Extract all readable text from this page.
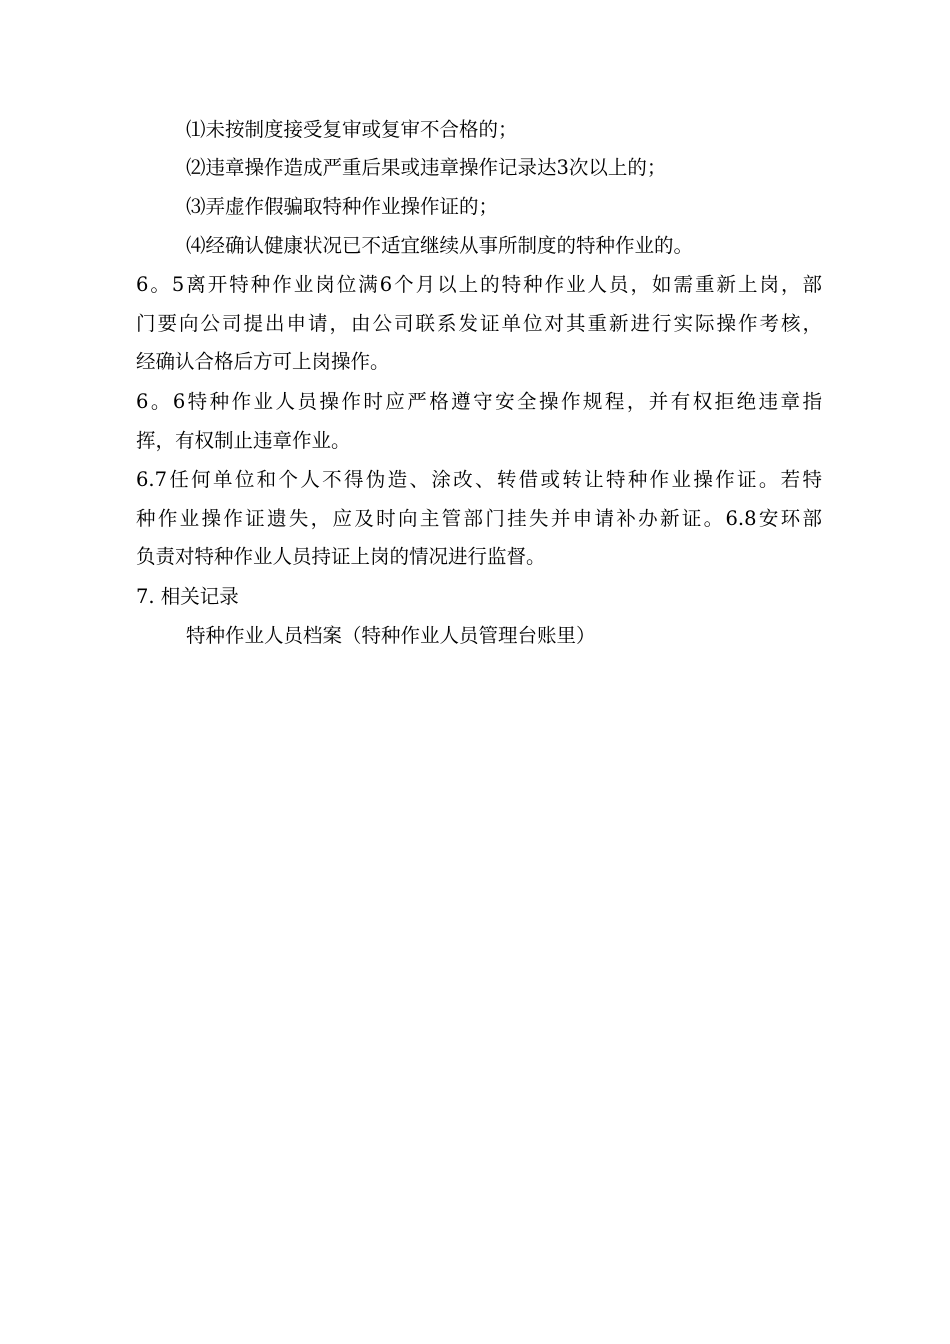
⑴未按制度接受复审或复审不合格的；
⑵违章操作造成严重后果或违章操作记录达3次以上的；
⑶弄虚作假骗取特种作业操作证的；
⑷经确认健康状况已不适宜继续从事所制度的特种作业的。
6。5离开特种作业岗位满6个月以上的特种作业人员，如需重新上岗，部
门要向公司提出申请，由公司联系发证单位对其重新进行实际操作考核，
经确认合格后方可上岗操作。
6。6特种作业人员操作时应严格遵守安全操作规程，并有权拒绝违章指
挥，有权制止违章作业。
6.7任何单位和个人不得伪造、涂改、转借或转让特种作业操作证。若特
种作业操作证遗失，应及时向主管部门挂失并申请补办新证。6.8安环部
负责对特种作业人员持证上岗的情况进行监督。
7. 相关记录
特种作业人员档案（特种作业人员管理台账里）
